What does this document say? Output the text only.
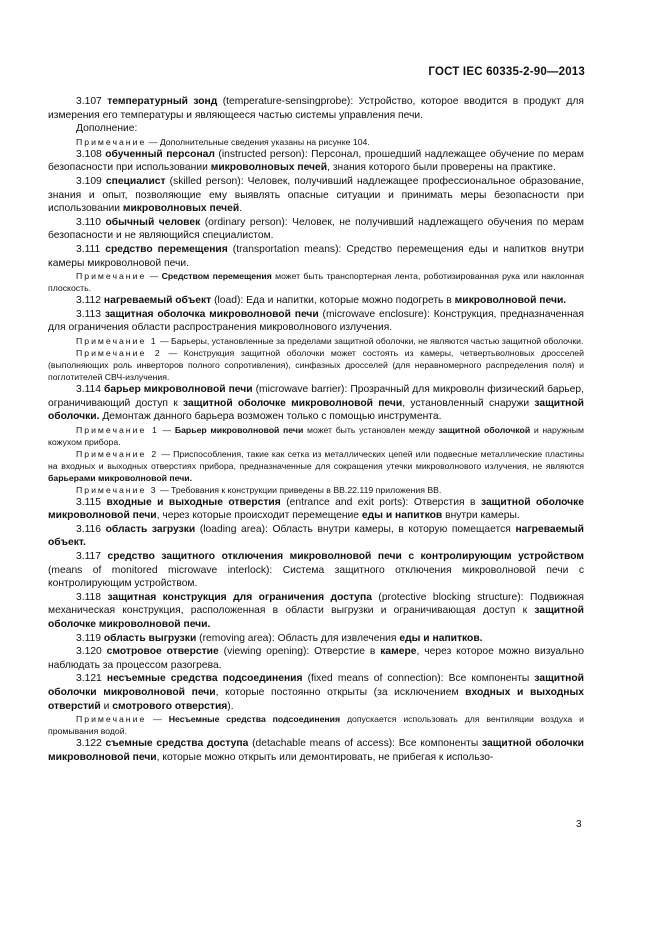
ГОСТ IEC 60335-2-90—2013

3.107 температурный зонд (temperature-sensingprobe): Устройство, которое вводится в продукт для измерения его температуры и являющееся частью системы управления печи.

Дополнение:

Примечание — Дополнительные сведения указаны на рисунке 104.

3.108 обученный персонал (instructed person): Персонал, прошедший надлежащее обучение по мерам безопасности при использовании микроволновых печей, знания которого были проверены на практике.

3.109 специалист (skilled person): Человек, получивший надлежащее профессиональное образование, знания и опыт, позволяющие ему выявлять опасные ситуации и принимать меры безопасности при использовании микроволновых печей.

3.110 обычный человек (ordinary person): Человек, не получивший надлежащего обучения по мерам безопасности и не являющийся специалистом.

3.111 средство перемещения (transportation means): Средство перемещения еды и напитков внутри камеры микроволновой печи.

Примечание — Средством перемещения может быть транспортерная лента, роботизированная рука или наклонная плоскость.

3.112 нагреваемый объект (load): Еда и напитки, которые можно подогреть в микроволновой печи.

3.113 защитная оболочка микроволновой печи (microwave enclosure): Конструкция, предназначенная для ограничения области распространения микроволнового излучения.

Примечание 1 — Барьеры, установленные за пределами защитной оболочки, не являются частью защитной оболочки.

Примечание 2 — Конструкция защитной оболочки может состоять из камеры, четвертьволновых дросселей (выполняющих роль инверторов полного сопротивления), синфазных дросселей (для неравномерного распределения поля) и поглотителей СВЧ-излучения.

3.114 барьер микроволновой печи (microwave barrier): Прозрачный для микроволн физический барьер, ограничивающий доступ к защитной оболочке микроволновой печи, установленный снаружи защитной оболочки. Демонтаж данного барьера возможен только с помощью инструмента.

Примечание 1 — Барьер микроволновой печи может быть установлен между защитной оболочкой и наружным кожухом прибора.

Примечание 2 — Приспособления, такие как сетка из металлических цепей или подвесные металлические пластины на входных и выходных отверстиях прибора, предназначенные для сокращения утечки микроволнового излучения, не являются барьерами микроволновой печи.

Примечание 3 — Требования к конструкции приведены в ВВ.22.119 приложения ВВ.

3.115 входные и выходные отверстия (entrance and exit ports): Отверстия в защитной оболочке микроволновой печи, через которые происходит перемещение еды и напитков внутри камеры.

3.116 область загрузки (loading area): Область внутри камеры, в которую помещается нагреваемый объект.

3.117 средство защитного отключения микроволновой печи с контролирующим устройством (means of monitored microwave interlock): Система защитного отключения микроволновой печи с контролирующим устройством.

3.118 защитная конструкция для ограничения доступа (protective blocking structure): Подвижная механическая конструкция, расположенная в области выгрузки и ограничивающая доступ к защитной оболочке микроволновой печи.

3.119 область выгрузки (removing area): Область для извлечения еды и напитков.

3.120 смотровое отверстие (viewing opening): Отверстие в камере, через которое можно визуально наблюдать за процессом разогрева.

3.121 несъемные средства подсоединения (fixed means of connection): Все компоненты защитной оболочки микроволновой печи, которые постоянно открыты (за исключением входных и выходных отверстий и смотрового отверстия).

Примечание — Несъемные средства подсоединения допускается использовать для вентиляции воздуха и промывания водой.

3.122 съемные средства доступа (detachable means of access): Все компоненты защитной оболочки микроволновой печи, которые можно открыть или демонтировать, не прибегая к использо-

3
